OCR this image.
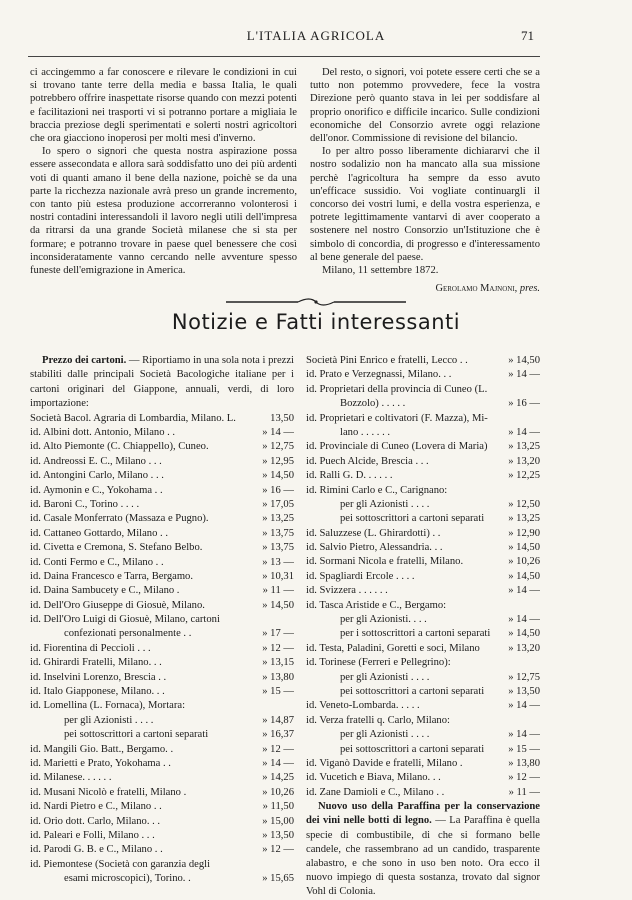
L'ITALIA AGRICOLA	71

ci accingemmo a far conoscere e rilevare le condizioni in cui si trovano tante terre della media e bassa Italia, le quali potrebbero offrire inaspettate risorse quando con mezzi potenti e facilitazioni nei trasporti vi si potranno portare a migliaia le braccia preziose degli sperimentati e solerti nostri agricoltori che ora giacciono inoperosi per molti mesi d'inverno.

Io spero o signori che questa nostra aspirazione possa essere assecondata e allora sarà soddisfatto uno dei più ardenti voti di quanti amano il bene della nazione, poichè se da una parte la ricchezza nazionale avrà preso un grande incremento, con tanto più estesa produzione accorreranno volonterosi i nostri contadini interessandoli il lavoro negli utili dell'impresa da ritrarsi da una grande Società milanese che si sta per formare; e potranno trovare in paese quel benessere che così inconsideratamente vanno cercando nelle avventure spesso funeste dell'emigrazione in America.

Del resto, o signori, voi potete essere certi che se a tutto non potemmo provvedere, fece la vostra Direzione però quanto stava in lei per soddisfare al proprio onorifico e difficile incarico. Sulle condizioni economiche del Consorzio avrete oggi relazione dell'onor. Commissione di revisione del bilancio.

Io per altro posso liberamente dichiararvi che il nostro sodalizio non ha mancato alla sua missione perchè l'agricoltura ha sempre da esso avuto un'efficace sussidio. Voi vogliate continuargli il concorso dei vostri lumi, e della vostra esperienza, e potrete legittimamente vantarvi di aver cooperato a sostenere nel nostro Consorzio un'Istituzione che è simbolo di concordia, di progresso e d'interessamento al bene generale del paese.

Milano, 11 settembre 1872.

Gerolamo Majnoni, pres.
Notizie e Fatti interessanti

Prezzo dei cartoni. — Riportiamo in una sola nota i prezzi stabiliti dalle principali Società Bacologiche italiane per i cartoni originari del Giappone, annuali, verdi, di loro importazione:

Società Bacol. Agraria di Lombardia, Milano. L.	13,50
id. Albini dott. Antonio, Milano . .	» 14 —
id. Alto Piemonte (C. Chiappello), Cuneo.	» 12,75
id. Andreossi E. C., Milano . . .	» 12,95
id. Antongini Carlo, Milano . . .	» 14,50
id. Aymonin e C., Yokohama . .	» 16 —
id. Baroni C., Torino . . . .	» 17,05
id. Casale Monferrato (Massaza e Pugno).	» 13,25
id. Cattaneo Gottardo, Milano . .	» 13,75
id. Civetta e Cremona, S. Stefano Belbo.	» 13,75
id. Conti Fermo e C., Milano . .	» 13 —
id. Daina Francesco e Tarra, Bergamo.	» 10,31
id. Daina Sambucety e C., Milano .	» 11 —
id. Dell'Oro Giuseppe di Giosuè, Milano.	» 14,50
id. Dell'Oro Luigi di Giosuè, Milano, cartoni
confezionati personalmente . .	» 17 —
id. Fiorentina di Peccioli . . .	» 12 —
id. Ghirardi Fratelli, Milano. . .	» 13,15
id. Inselvini Lorenzo, Brescia . .	» 13,80
id. Italo Giapponese, Milano. . .	» 15 —
id. Lomellina (L. Fornaca), Mortara:
per gli Azionisti . . . .	» 14,87
pei sottoscrittori a cartoni separati	» 16,37
id. Mangili Gio. Batt., Bergamo. .	» 12 —
id. Marietti e Prato, Yokohama . .	» 14 —
id. Milanese. . . . . .	» 14,25
id. Musani Nicolò e fratelli, Milano .	» 10,26
id. Nardi Pietro e C., Milano . .	» 11,50
id. Orio dott. Carlo, Milano. . .	» 15,00
id. Paleari e Folli, Milano . . .	» 13,50
id. Parodi G. B. e C., Milano . .	» 12 —
id. Piemontese (Società con garanzia degli
esami microscopici), Torino. .	» 15,65
Società Pini Enrico e fratelli, Lecco . .	» 14,50
id. Prato e Verzegnassi, Milano. . .	» 14 —
id. Proprietari della provincia di Cuneo (L.
Bozzolo) . . . . .	» 16 —
id. Proprietari e coltivatori (F. Mazza), Mi-
lano . . . . . .	» 14 —
id. Provinciale di Cuneo (Lovera di Maria) » 13,25
id. Puech Alcide, Brescia . . .	» 13,20
id. Ralli G. D. . . . . .	» 12,25
id. Rimini Carlo e C., Carignano:
per gli Azionisti . . . .	» 12,50
pei sottoscrittori a cartoni separati » 13,25
id. Saluzzese (L. Ghirardotti) . .	» 12,90
id. Salvio Pietro, Alessandria. . .	» 14,50
id. Sormani Nicola e fratelli, Milano.	» 10,26
id. Spagliardi Ercole . . . .	» 14,50
id. Svizzera . . . . . .	» 14 —
id. Tasca Aristide e C., Bergamo:
per gli Azionisti. . . .	» 14 —
per i sottoscrittori a cartoni separati » 14,50
id. Testa, Paladini, Goretti e soci, Milano	» 13,20
id. Torinese (Ferreri e Pellegrino):
per gli Azionisti . . . .	» 12,75
pei sottoscrittori a cartoni separati » 13,50
id. Veneto-Lombarda. . . . .	» 14 —
id. Verza fratelli q. Carlo, Milano:
per gli Azionisti . . . .	» 14 —
pei sottoscrittori a cartoni separati » 15 —
id. Viganò Davide e fratelli, Milano .	» 13,80
id. Vucetich e Biava, Milano. . .	» 12 —
id. Zane Damioli e C., Milano . .	» 11 —

Nuovo uso della Paraffina per la conservazione dei vini nelle botti di legno. — La Paraffina è quella specie di combustibile, di che si formano belle candele, che rassembrano ad un candido, trasparente alabastro, e che sono in uso ben noto. Ora ecco il nuovo impiego di questa sostanza, trovato dal signor Vohl di Colonia.
